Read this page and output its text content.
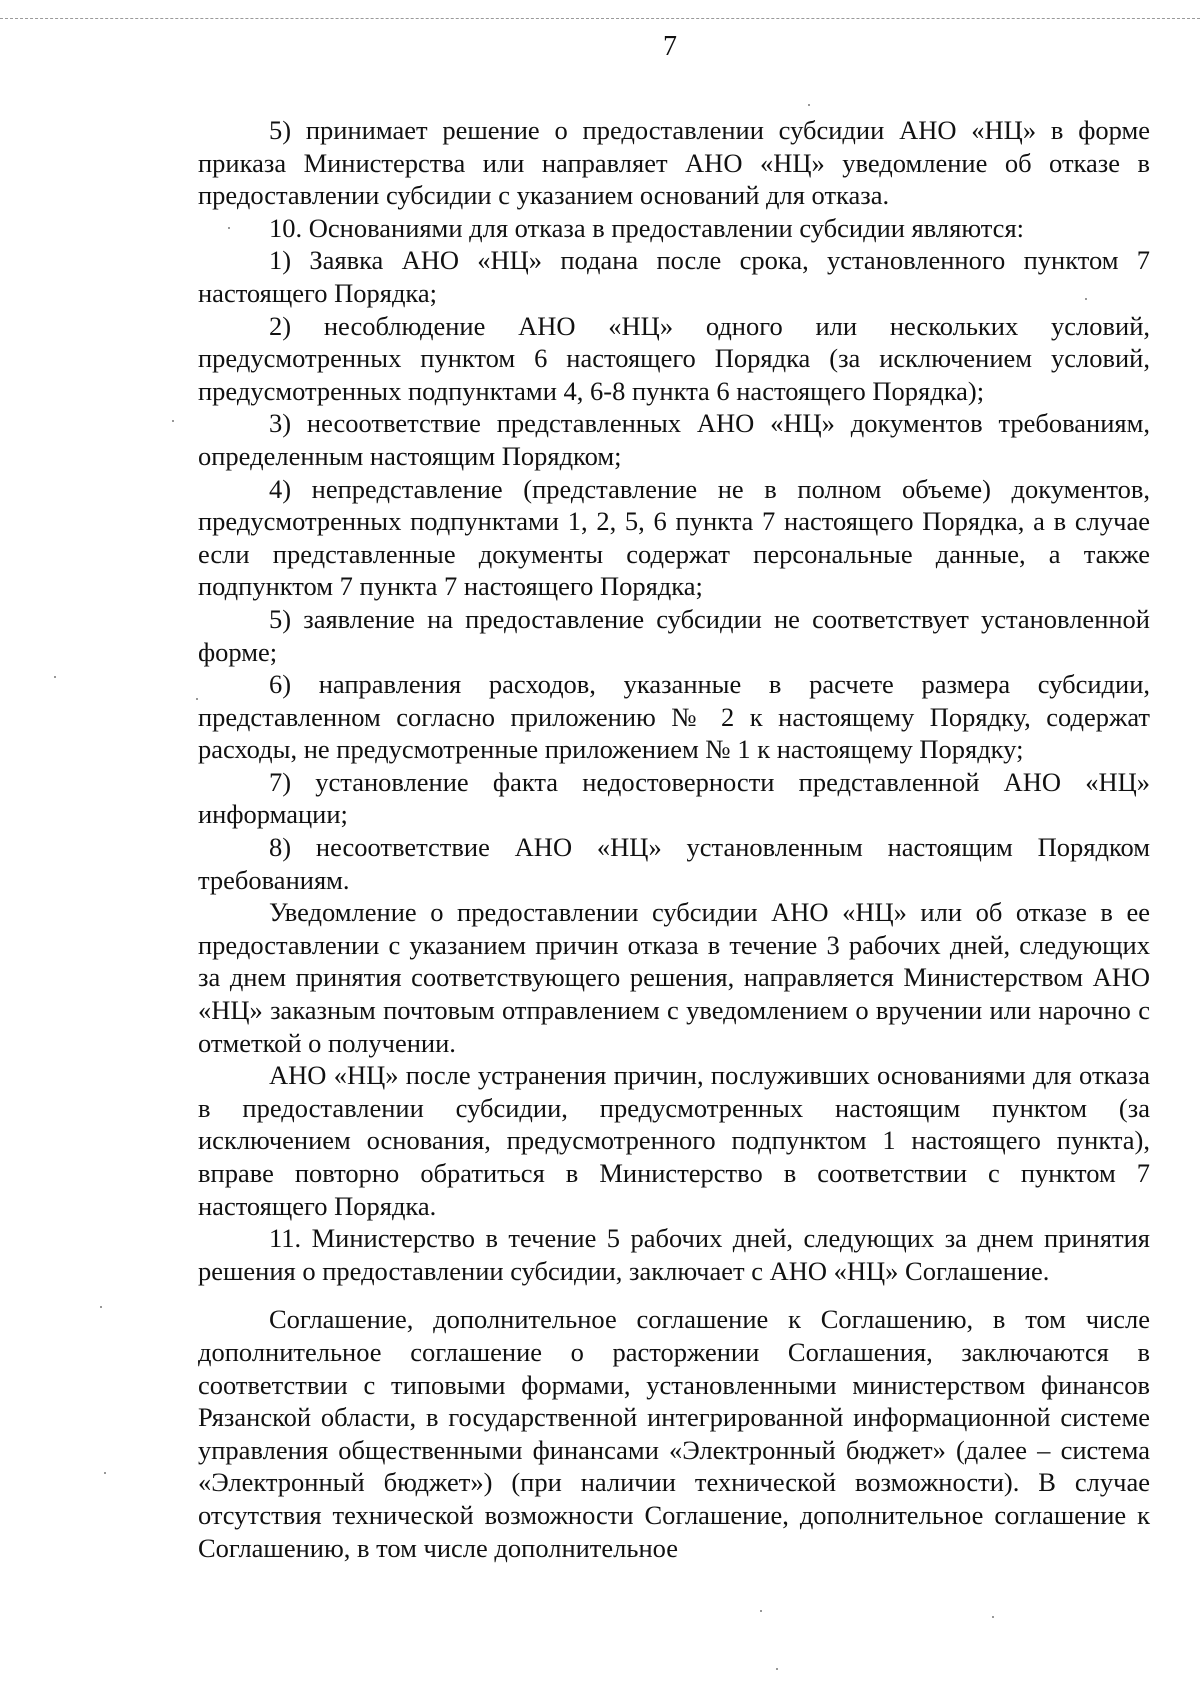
7

5) принимает решение о предоставлении субсидии АНО «НЦ» в форме приказа Министерства или направляет АНО «НЦ» уведомление об отказе в предоставлении субсидии с указанием оснований для отказа.

10. Основаниями для отказа в предоставлении субсидии являются:

1) Заявка АНО «НЦ» подана после срока, установленного пунктом 7 настоящего Порядка;

2) несоблюдение АНО «НЦ» одного или нескольких условий, предусмотренных пунктом 6 настоящего Порядка (за исключением условий, предусмотренных подпунктами 4, 6-8 пункта 6 настоящего Порядка);

3) несоответствие представленных АНО «НЦ» документов требованиям, определенным настоящим Порядком;

4) непредставление (представление не в полном объеме) документов, предусмотренных подпунктами 1, 2, 5, 6 пункта 7 настоящего Порядка, а в случае если представленные документы содержат персональные данные, а также подпунктом 7 пункта 7 настоящего Порядка;

5) заявление на предоставление субсидии не соответствует установленной форме;

6) направления расходов, указанные в расчете размера субсидии, представленном согласно приложению № 2 к настоящему Порядку, содержат расходы, не предусмотренные приложением № 1 к настоящему Порядку;

7) установление факта недостоверности представленной АНО «НЦ» информации;

8) несоответствие АНО «НЦ» установленным настоящим Порядком требованиям.

Уведомление о предоставлении субсидии АНО «НЦ» или об отказе в ее предоставлении с указанием причин отказа в течение 3 рабочих дней, следующих за днем принятия соответствующего решения, направляется Министерством АНО «НЦ» заказным почтовым отправлением с уведомлением о вручении или нарочно с отметкой о получении.

АНО «НЦ» после устранения причин, послуживших основаниями для отказа в предоставлении субсидии, предусмотренных настоящим пунктом (за исключением основания, предусмотренного подпунктом 1 настоящего пункта), вправе повторно обратиться в Министерство в соответствии с пунктом 7 настоящего Порядка.

11. Министерство в течение 5 рабочих дней, следующих за днем принятия решения о предоставлении субсидии, заключает с АНО «НЦ» Соглашение.

Соглашение, дополнительное соглашение к Соглашению, в том числе дополнительное соглашение о расторжении Соглашения, заключаются в соответствии с типовыми формами, установленными министерством финансов Рязанской области, в государственной интегрированной информационной системе управления общественными финансами «Электронный бюджет» (далее – система «Электронный бюджет») (при наличии технической возможности). В случае отсутствия технической возможности Соглашение, дополнительное соглашение к Соглашению, в том числе дополнительное
